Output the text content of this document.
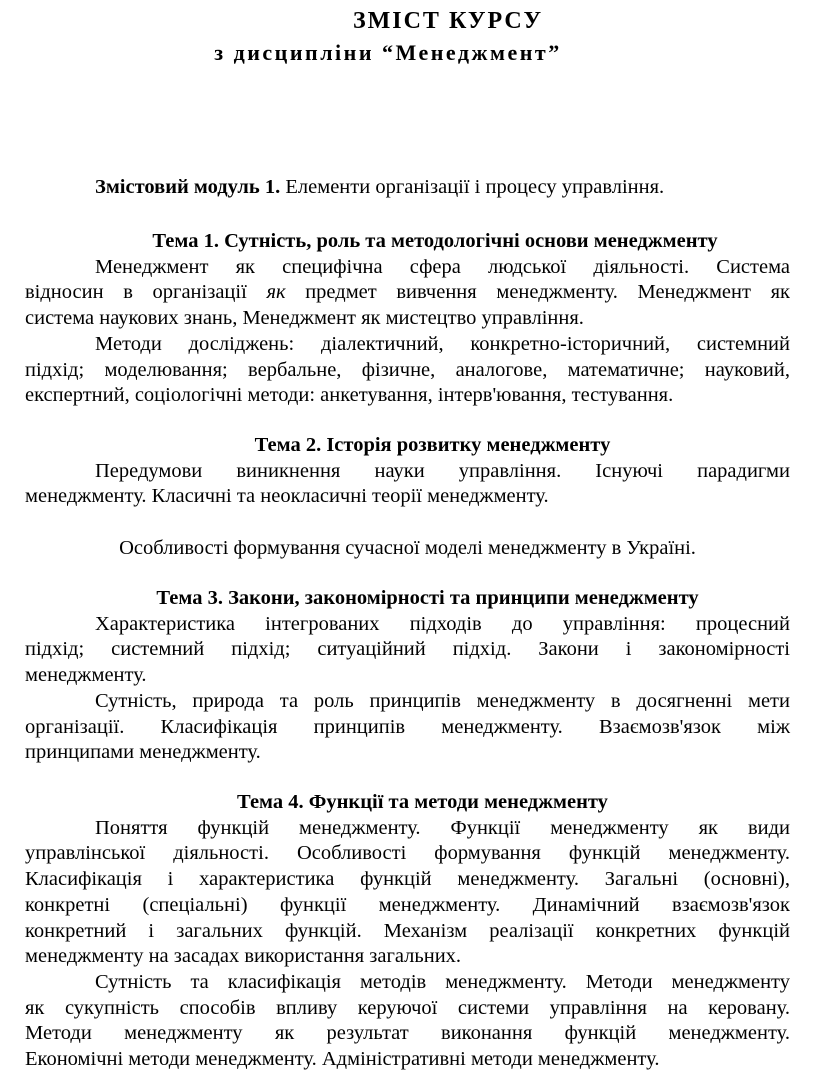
ЗМІСТ КУРСУ
з дисципліни “Менеджмент”
Змістовий модуль 1. Елементи організації і процесу управління.
Тема 1. Сутність, роль та методологічні основи менеджменту
Менеджмент як специфічна сфера людської діяльності. Система
відносин в організації як предмет вивчення менеджменту. Менеджмент як
система наукових знань, Менеджмент як мистецтво управління.
Методи досліджень: діалектичний, конкретно-історичний, системний
підхід; моделювання; вербальне, фізичне, аналогове, математичне; науковий,
експертний, соціологічні методи: анкетування, інтерв'ювання, тестування.
Тема 2. Історія розвитку менеджменту
Передумови виникнення науки управління. Існуючі парадигми
менеджменту. Класичні та неокласичні теорії менеджменту.
Особливості формування сучасної моделі менеджменту в Україні.
Тема 3. Закони, закономірності та принципи менеджменту
Характеристика інтегрованих підходів до управління: процесний
підхід; системний підхід; ситуаційний підхід. Закони і закономірності
менеджменту.
Сутність, природа та роль принципів менеджменту в досягненні мети
організації. Класифікація принципів менеджменту. Взаємозв'язок між
принципами менеджменту.
Тема 4. Функції та методи менеджменту
Поняття функцій менеджменту. Функції менеджменту як види
управлінської діяльності. Особливості формування функцій менеджменту.
Класифікація і характеристика функцій менеджменту. Загальні (основні),
конкретні (спеціальні) функції менеджменту. Динамічний взаємозв'язок
конкретний і загальних функцій. Механізм реалізації конкретних функцій
менеджменту на засадах використання загальних.
Сутність та класифікація методів менеджменту. Методи менеджменту
як сукупність способів впливу керуючої системи управління на керовану.
Методи менеджменту як результат виконання функцій менеджменту.
Економічні методи менеджменту. Адміністративні методи менеджменту.
